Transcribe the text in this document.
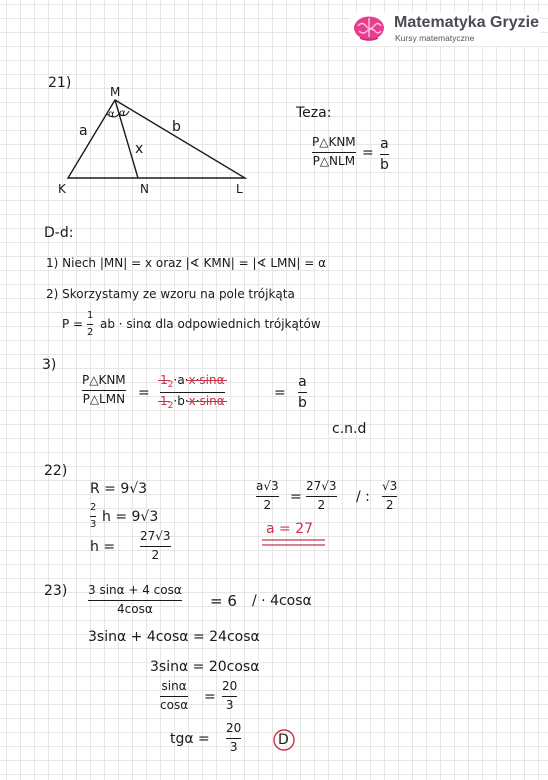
Matematyka Gryzie
Kursy matematyczne
21)
M
K	N	L
a	b
x
α α	Teza:
P△KNM
P△NLM =
a
b
D-d:
1) Niech |MN| = x oraz |∢ KMN| = |∢ LMN| = α
2) Skorzystamy ze wzoru na pole trójkąta
P =
1
2
ab · sinα dla odpowiednich trójkątów
3)
P△KNM
P△LMN =
$1_2\cdot a\cdot x\cdot\sin\alpha$
$1_2\cdot b\cdot x\cdot\sin\alpha$
=
a
b
c.n.d
22)
R = 9√3
2
3 h = 9√3
h =
27√3
2
a√3
2 =
27√3
2 / :
√3
2
a = 27
23) 3 sinα + 4 cosα
4cosα	= 6 / · 4cosα
3sinα + 4cosα = 24cosα
3sinα = 20cosα
sinα
cosα =
20
3
tgα =
20
3	D
